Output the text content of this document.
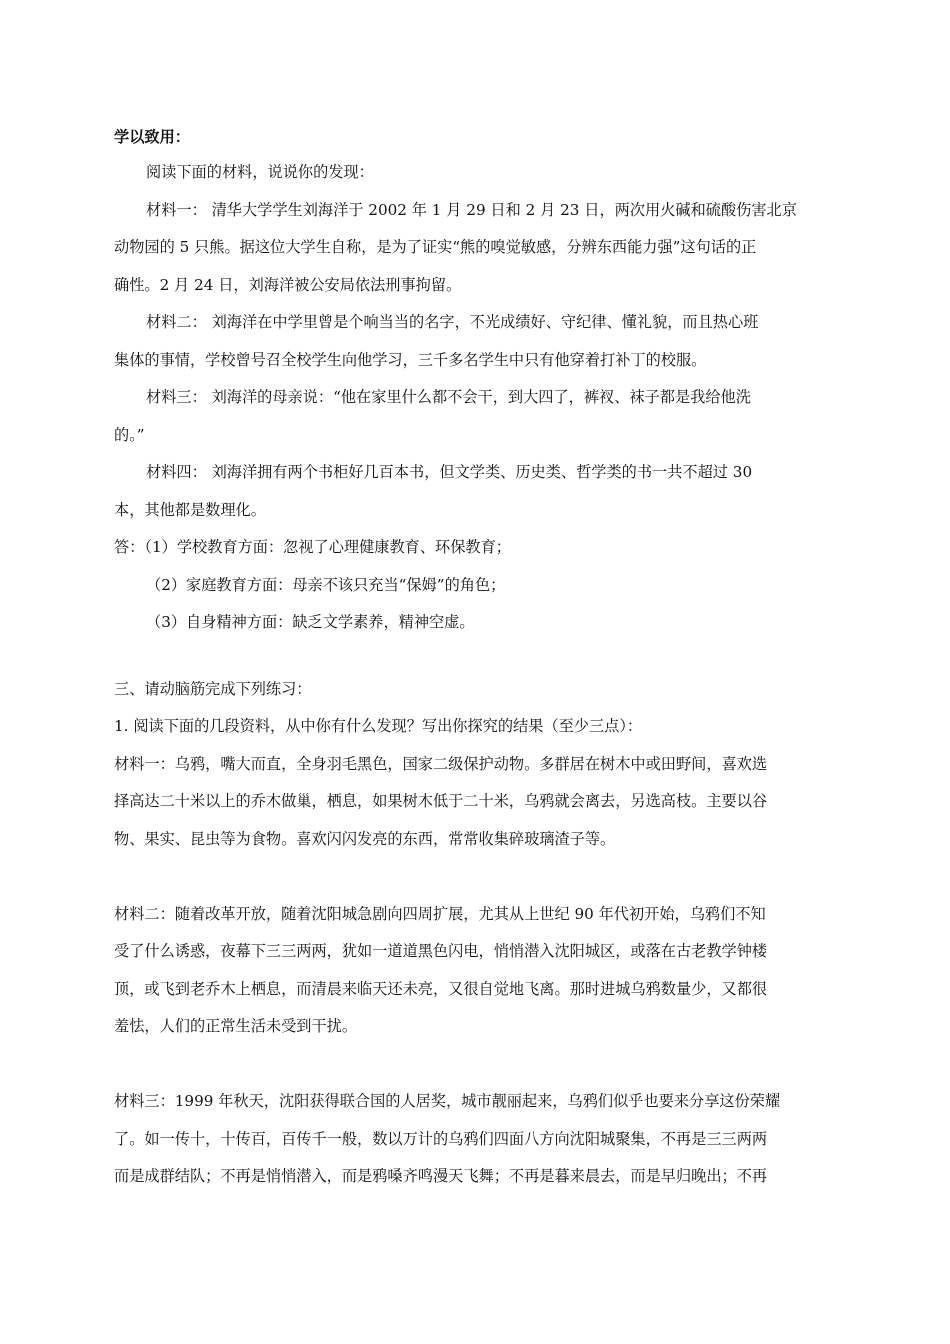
学以致用：
阅读下面的材料，说说你的发现：
材料一： 清华大学学生刘海洋于 2002 年 1 月 29 日和 2 月 23 日，两次用火碱和硫酸伤害北京
动物园的 5 只熊。据这位大学生自称，是为了证实“熊的嗅觉敏感，分辨东西能力强”这句话的正
确性。2 月 24 日，刘海洋被公安局依法刑事拘留。
材料二： 刘海洋在中学里曾是个响当当的名字，不光成绩好、守纪律、懂礼貌，而且热心班
集体的事情，学校曾号召全校学生向他学习，三千多名学生中只有他穿着打补丁的校服。
材料三： 刘海洋的母亲说：“他在家里什么都不会干，到大四了，裤衩、袜子都是我给他洗
的。”
材料四： 刘海洋拥有两个书柜好几百本书，但文学类、历史类、哲学类的书一共不超过 30
本，其他都是数理化。
答：（1）学校教育方面：忽视了心理健康教育、环保教育；
（2）家庭教育方面：母亲不该只充当“保姆”的角色；
（3）自身精神方面：缺乏文学素养，精神空虚。
三、请动脑筋完成下列练习：
1. 阅读下面的几段资料，从中你有什么发现？写出你探究的结果（至少三点）：
材料一：乌鸦，嘴大而直，全身羽毛黑色，国家二级保护动物。多群居在树木中或田野间，喜欢选
择高达二十米以上的乔木做巢，栖息，如果树木低于二十米，乌鸦就会离去，另选高枝。主要以谷
物、果实、昆虫等为食物。喜欢闪闪发亮的东西，常常收集碎玻璃渣子等。
材料二：随着改革开放，随着沈阳城急剧向四周扩展，尤其从上世纪 90 年代初开始，乌鸦们不知
受了什么诱惑，夜幕下三三两两，犹如一道道黑色闪电，悄悄潜入沈阳城区，或落在古老教学钟楼
顶，或飞到老乔木上栖息，而清晨来临天还未亮，又很自觉地飞离。那时进城乌鸦数量少，又都很
羞怯，人们的正常生活未受到干扰。
材料三：1999 年秋天，沈阳获得联合国的人居奖，城市靓丽起来，乌鸦们似乎也要来分享这份荣耀
了。如一传十，十传百，百传千一般，数以万计的乌鸦们四面八方向沈阳城聚集，不再是三三两两
而是成群结队；不再是悄悄潜入，而是鸦嗓齐鸣漫天飞舞；不再是暮来晨去，而是早归晚出；不再
